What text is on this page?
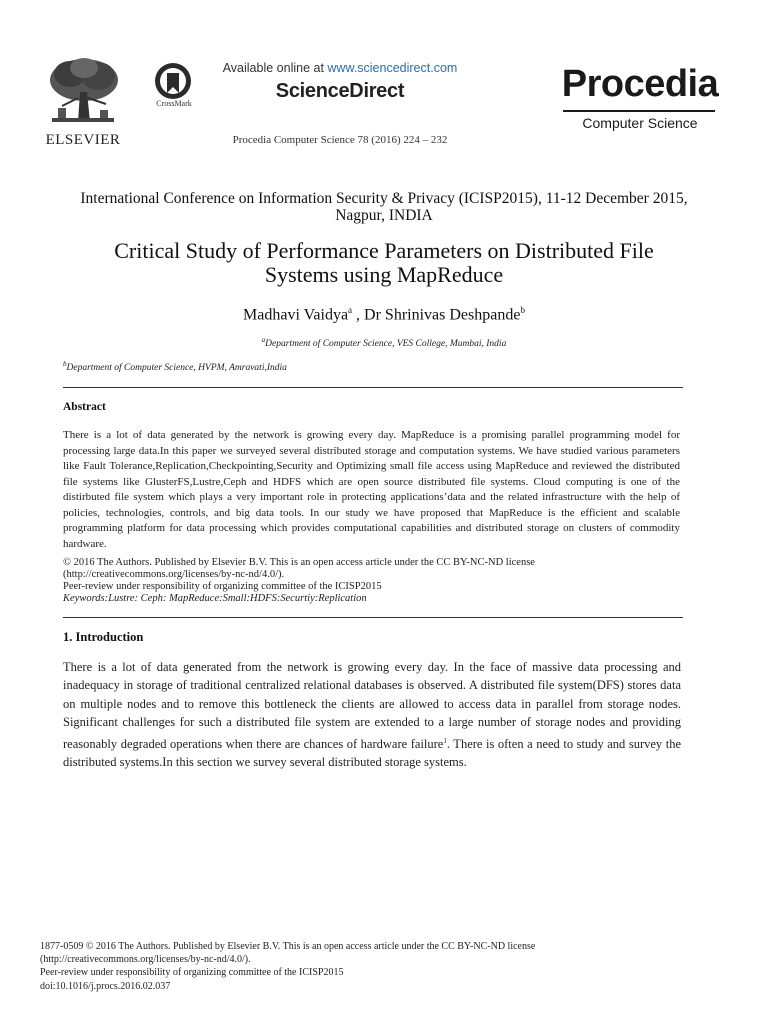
ELSEVIER
CrossMark
Available online at www.sciencedirect.com
ScienceDirect
Procedia Computer Science 78 (2016) 224 – 232
Procedia
Computer Science
International Conference on Information Security & Privacy (ICISP2015), 11-12 December 2015,
Nagpur, INDIA
Critical Study of Performance Parameters on Distributed File
Systems using MapReduce
Madhavi Vaidya$^a$ , Dr Shrinivas Deshpande$^b$
$^a$Department of Computer Science, VES College, Mumbai, India
$^b$Department of Computer Science, HVPM, Amravati,India
Abstract
There is a lot of data generated by the network is growing every day. MapReduce is a promising parallel programming model for processing large data.In this paper we surveyed several distributed storage and computation systems. We have studied various parameters like Fault Tolerance,Replication,Checkpointing,Security and Optimizing small file access using MapReduce and reviewed the distributed file systems like GlusterFS,Lustre,Ceph and HDFS which are open source distributed file systems. Cloud computing is one of the distirbuted file system which plays a very important role in protecting applications’data and the related infrastructure with the help of policies, technologies, controls, and big data tools. In our study we have proposed that MapReduce is the efficient and scalable programming platform for data processing which provides computational capabilities and distributed storage on clusters of commodity hardware.
© 2016 The Authors. Published by Elsevier B.V. This is an open access article under the CC BY-NC-ND license
(http://creativecommons.org/licenses/by-nc-nd/4.0/).
Peer-review under responsibility of organizing committee of the ICISP2015
Keywords:Lustre: Ceph: MapReduce:Small:HDFS:Securtiy:Replication
1. Introduction
There is a lot of data generated from the network is growing every day. In the face of massive data processing and inadequacy in storage of traditional centralized relational databases is observed. A distributed file system(DFS) stores data on multiple nodes and to remove this bottleneck the clients are allowed to access data in parallel from storage nodes. Significant challenges for such a distributed file system are extended to a large number of storage nodes and providing reasonably degraded operations when there are chances of hardware failure$^1$. There is often a need to study and survey the distributed systems.In this section we survey several distributed storage systems.
1877-0509 © 2016 The Authors. Published by Elsevier B.V. This is an open access article under the CC BY-NC-ND license
(http://creativecommons.org/licenses/by-nc-nd/4.0/).
Peer-review under responsibility of organizing committee of the ICISP2015
doi:10.1016/j.procs.2016.02.037
